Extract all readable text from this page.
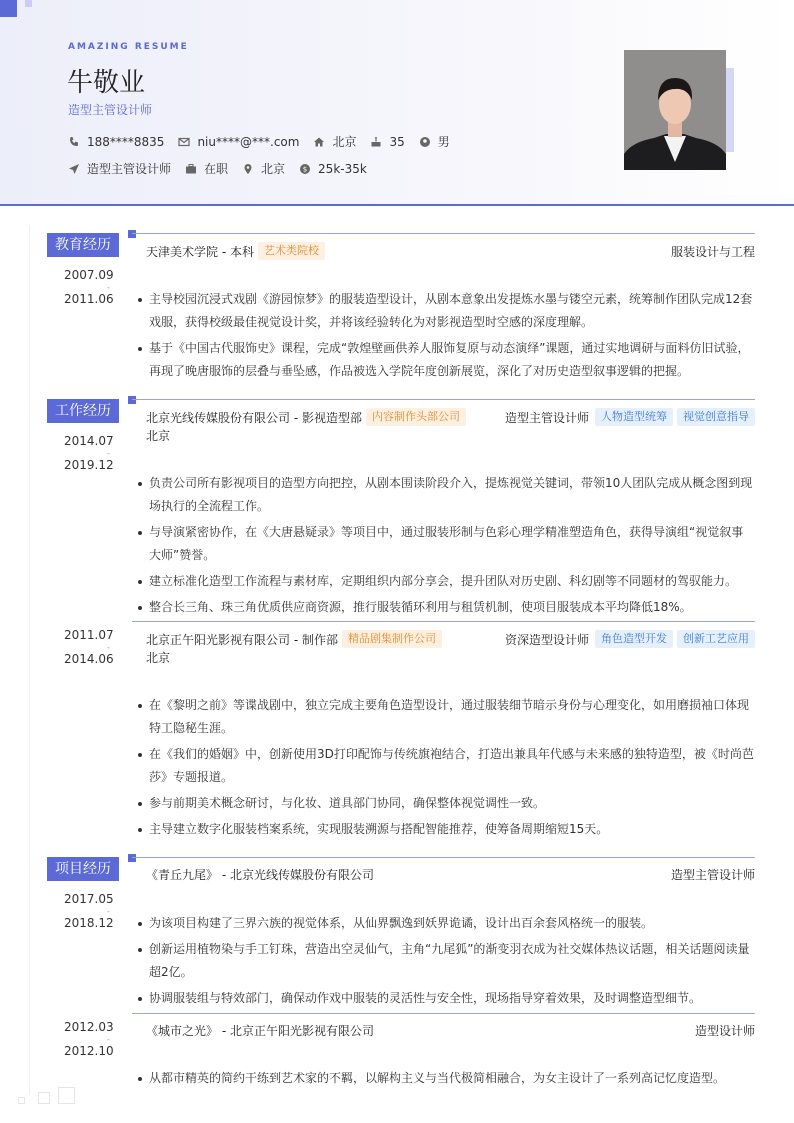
AMAZING RESUME
牛敬业
造型主管设计师
188****8835	niu****@***.com	北京	35	男
造型主管设计师	在职	北京	$ 25k-35k
教育经历
2007.09
-
2011.06
天津美术学院 - 本科 艺术类院校	服装设计与工程
主导校园沉浸式戏剧《游园惊梦》的服装造型设计，从剧本意象出发提炼水墨与镂空元素，统筹制作团队完成12套戏服，获得校级最佳视觉设计奖，并将该经验转化为对影视造型时空感的深度理解。
基于《中国古代服饰史》课程，完成“敦煌壁画供养人服饰复原与动态演绎”课题，通过实地调研与面料仿旧试验，再现了晚唐服饰的层叠与垂坠感，作品被选入学院年度创新展览，深化了对历史造型叙事逻辑的把握。
工作经历
2014.07
-
2019.12
北京光线传媒股份有限公司 - 影视造型部 内容制作头部公司	造型主管设计师	人物造型统筹	视觉创意指导
北京
负责公司所有影视项目的造型方向把控，从剧本围读阶段介入，提炼视觉关键词，带领10人团队完成从概念图到现场执行的全流程工作。
与导演紧密协作，在《大唐悬疑录》等项目中，通过服装形制与色彩心理学精准塑造角色，获得导演组“视觉叙事大师”赞誉。
建立标准化造型工作流程与素材库，定期组织内部分享会，提升团队对历史剧、科幻剧等不同题材的驾驭能力。
整合长三角、珠三角优质供应商资源，推行服装循环利用与租赁机制，使项目服装成本平均降低18%。
2011.07
-
2014.06
北京正午阳光影视有限公司 - 制作部 精品剧集制作公司	资深造型设计师	角色造型开发	创新工艺应用
北京
在《黎明之前》等谍战剧中，独立完成主要角色造型设计，通过服装细节暗示身份与心理变化，如用磨损袖口体现特工隐秘生涯。
在《我们的婚姻》中，创新使用3D打印配饰与传统旗袍结合，打造出兼具年代感与未来感的独特造型，被《时尚芭莎》专题报道。
参与前期美术概念研讨，与化妆、道具部门协同，确保整体视觉调性一致。
主导建立数字化服装档案系统，实现服装溯源与搭配智能推荐，使筹备周期缩短15天。
项目经历
2017.05
-
2018.12
《青丘九尾》 - 北京光线传媒股份有限公司	造型主管设计师
为该项目构建了三界六族的视觉体系，从仙界飘逸到妖界诡谲，设计出百余套风格统一的服装。
创新运用植物染与手工钉珠，营造出空灵仙气，主角“九尾狐”的渐变羽衣成为社交媒体热议话题，相关话题阅读量超2亿。
协调服装组与特效部门，确保动作戏中服装的灵活性与安全性，现场指导穿着效果，及时调整造型细节。
2012.03
-
2012.10
《城市之光》 - 北京正午阳光影视有限公司	造型设计师
从都市精英的简约干练到艺术家的不羁，以解构主义与当代极简相融合，为女主设计了一系列高记忆度造型。
